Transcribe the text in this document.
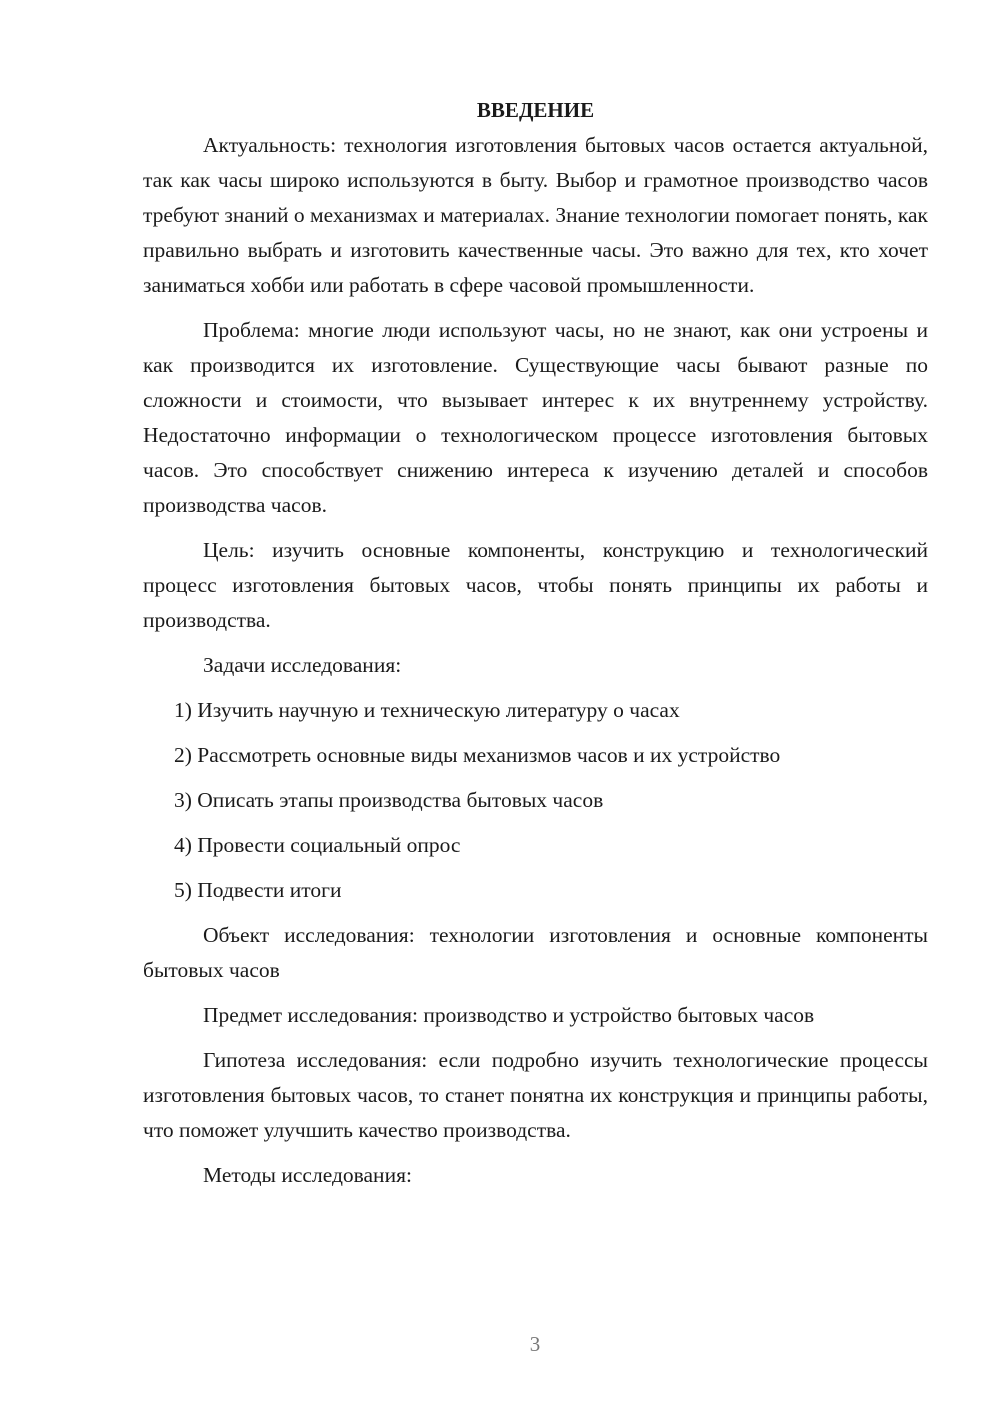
ВВЕДЕНИЕ

Актуальность: технология изготовления бытовых часов остается актуальной, так как часы широко используются в быту. Выбор и грамотное производство часов требуют знаний о механизмах и материалах. Знание технологии помогает понять, как правильно выбрать и изготовить качественные часы. Это важно для тех, кто хочет заниматься хобби или работать в сфере часовой промышленности.

Проблема: многие люди используют часы, но не знают, как они устроены и как производится их изготовление. Существующие часы бывают разные по сложности и стоимости, что вызывает интерес к их внутреннему устройству. Недостаточно информации о технологическом процессе изготовления бытовых часов. Это способствует снижению интереса к изучению деталей и способов производства часов.

Цель: изучить основные компоненты, конструкцию и технологический процесс изготовления бытовых часов, чтобы понять принципы их работы и производства.

Задачи исследования:

1) Изучить научную и техническую литературу о часах

2) Рассмотреть основные виды механизмов часов и их устройство

3) Описать этапы производства бытовых часов

4) Провести социальный опрос

5) Подвести итоги

Объект исследования: технологии изготовления и основные компоненты бытовых часов

Предмет исследования: производство и устройство бытовых часов

Гипотеза исследования: если подробно изучить технологические процессы изготовления бытовых часов, то станет понятна их конструкция и принципы работы, что поможет улучшить качество производства.

Методы исследования:

3
